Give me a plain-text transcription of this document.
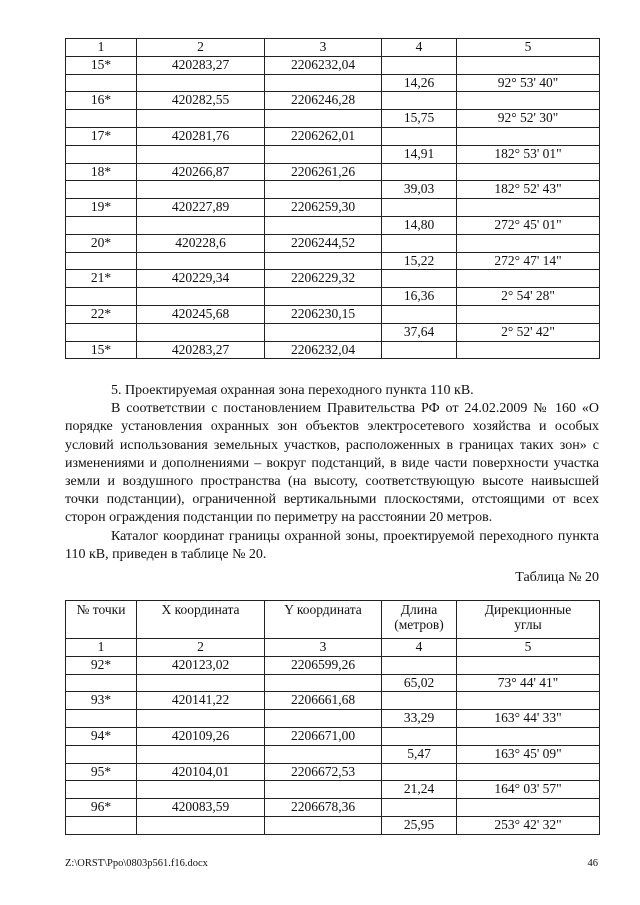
1	2	3	4	5
15*	420283,27	2206232,04		
			14,26	92° 53' 40"
16*	420282,55	2206246,28		
			15,75	92° 52' 30"
17*	420281,76	2206262,01		
			14,91	182° 53' 01"
18*	420266,87	2206261,26		
			39,03	182° 52' 43"
19*	420227,89	2206259,30		
			14,80	272° 45' 01"
20*	420228,6	2206244,52		
			15,22	272° 47' 14"
21*	420229,34	2206229,32		
			16,36	2° 54' 28"
22*	420245,68	2206230,15		
			37,64	2° 52' 42"
15*	420283,27	2206232,04		

5. Проектируемая охранная зона переходного пункта 110 кВ.

В соответствии с постановлением Правительства РФ от 24.02.2009 № 160 «О порядке установления охранных зон объектов электросетевого хозяйства и особых условий использования земельных участков, расположенных в границах таких зон» с изменениями и дополнениями – вокруг подстанций, в виде части поверхности участка земли и воздушного пространства (на высоту, соответствующую высоте наивысшей точки подстанции), ограниченной вертикальными плоскостями, отстоящими от всех сторон ограждения подстанции по периметру на расстоянии 20 метров.

Каталог координат границы охранной зоны, проектируемой переходного пункта 110 кВ, приведен в таблице № 20.

Таблица № 20
№ точки	X координата	Y координата	Длина (метров)	Дирекционные углы
1	2	3	4	5
92*	420123,02	2206599,26		
			65,02	73° 44' 41"
93*	420141,22	2206661,68		
			33,29	163° 44' 33"
94*	420109,26	2206671,00		
			5,47	163° 45' 09"
95*	420104,01	2206672,53		
			21,24	164° 03' 57"
96*	420083,59	2206678,36		
			25,95	253° 42' 32"
Z:\ORST\Ppo\0803p561.f16.docx	46
